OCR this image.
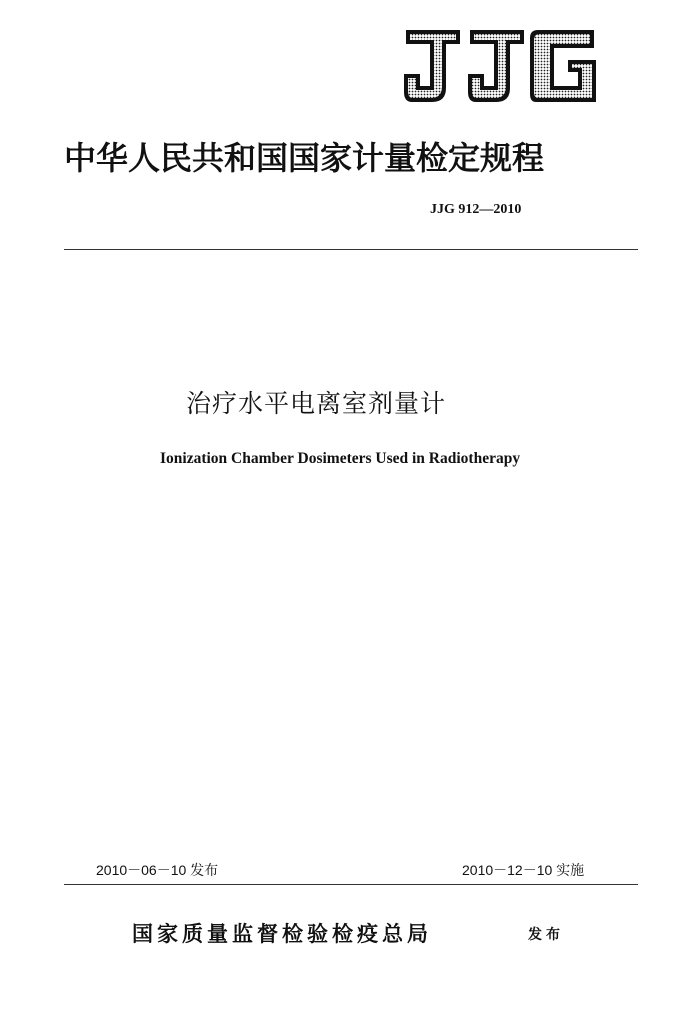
中华人民共和国国家计量检定规程
JJG 912—2010
治疗水平电离室剂量计
Ionization Chamber Dosimeters Used in Radiotherapy
2010－06－10 发布	2010－12－10 实施
国家质量监督检验检疫总局	发布
